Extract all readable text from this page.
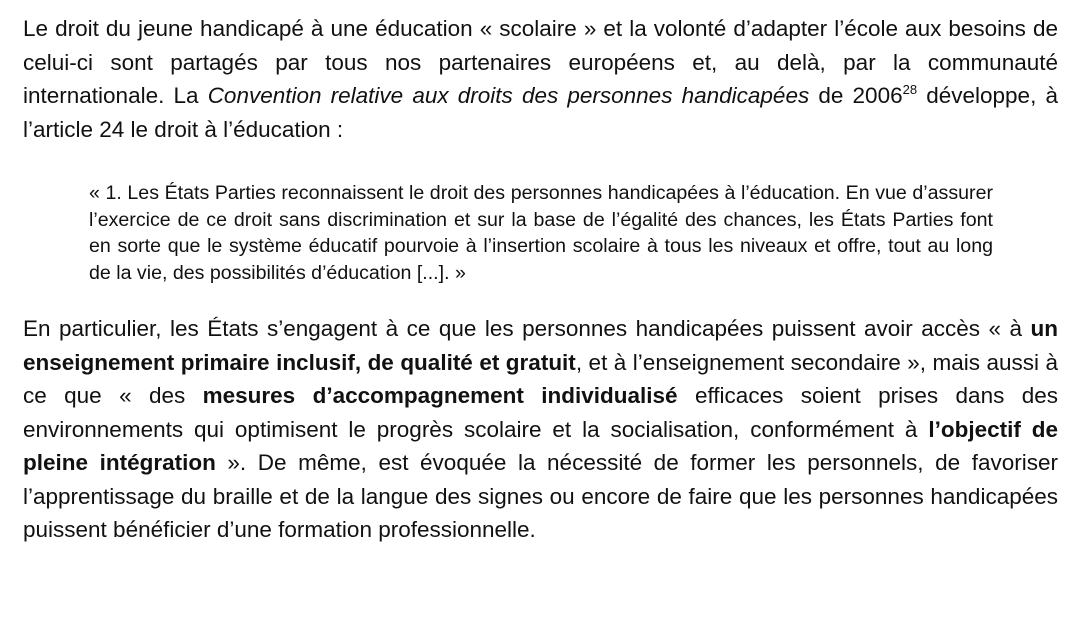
Le droit du jeune handicapé à une éducation « scolaire » et la volonté d’adapter l’école aux besoins de celui-ci sont partagés par tous nos partenaires européens et, au delà, par la communauté internationale. La Convention relative aux droits des personnes handicapées de 2006$^{28}$ développe, à l’article 24 le droit à l’éducation :

« 1. Les États Parties reconnaissent le droit des personnes handicapées à l’éducation. En vue d’assurer l’exercice de ce droit sans discrimination et sur la base de l’égalité des chances, les États Parties font en sorte que le système éducatif pourvoie à l’insertion scolaire à tous les niveaux et offre, tout au long de la vie, des possibilités d’éducation [...]. »

En particulier, les États s’engagent à ce que les personnes handicapées puissent avoir accès « à un enseignement primaire inclusif, de qualité et gratuit, et à l’enseignement secondaire », mais aussi à ce que « des mesures d’accompagnement individualisé efficaces soient prises dans des environnements qui optimisent le progrès scolaire et la socialisation, conformément à l’objectif de pleine intégration ». De même, est évoquée la nécessité de former les personnels, de favoriser l’apprentissage du braille et de la langue des signes ou encore de faire que les personnes handicapées puissent bénéficier d’une formation professionnelle.
